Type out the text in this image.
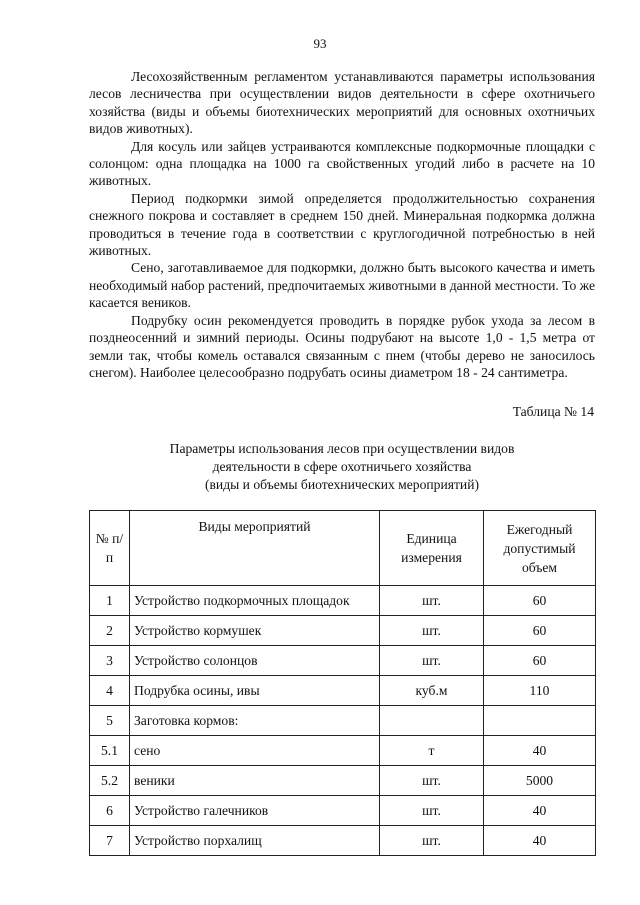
93

Лесохозяйственным регламентом устанавливаются параметры использования лесов лесничества при осуществлении видов деятельности в сфере охотничьего хозяйства (виды и объемы биотехнических мероприятий для основных охотничьих видов животных).

Для косуль или зайцев устраиваются комплексные подкормочные площадки с солонцом: одна площадка на 1000 га свойственных угодий либо в расчете на 10 животных.

Период подкормки зимой определяется продолжительностью сохранения снежного покрова и составляет в среднем 150 дней. Минеральная подкормка должна проводиться в течение года в соответствии с круглогодичной потребностью в ней животных.

Сено, заготавливаемое для подкормки, должно быть высокого качества и иметь необходимый набор растений, предпочитаемых животными в данной местности. То же касается веников.

Подрубку осин рекомендуется проводить в порядке рубок ухода за лесом в позднеосенний и зимний периоды. Осины подрубают на высоте 1,0 - 1,5 метра от земли так, чтобы комель оставался связанным с пнем (чтобы дерево не заносилось снегом). Наиболее целесообразно подрубать осины диаметром 18 - 24 сантиметра.

Таблица № 14
Параметры использования лесов при осуществлении видов
деятельности в сфере охотничьего хозяйства
(виды и объемы биотехнических мероприятий)
№ п/п	Виды мероприятий	Единица измерения	Ежегодный допустимый объем
1	Устройство подкормочных площадок	шт.	60
2	Устройство кормушек	шт.	60
3	Устройство солонцов	шт.	60
4	Подрубка осины, ивы	куб.м	110
5	Заготовка кормов:		
5.1	сено	т	40
5.2	веники	шт.	5000
6	Устройство галечников	шт.	40
7	Устройство порхалищ	шт.	40
